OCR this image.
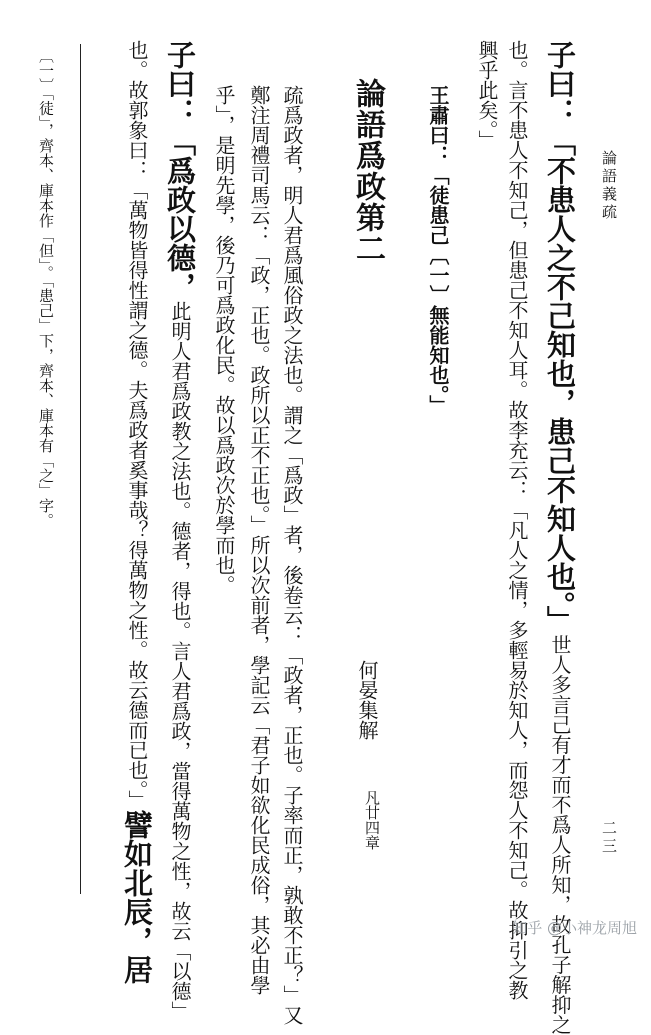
論語義疏
二三
子曰：「不患人之不己知也，患己不知人也。」世人多言己有才而不爲人所知，故孔子解抑之
也。言不患人不知己，但患己不知人耳。故李充云：「凡人之情，多輕易於知人，而怨人不知己。故抑引之教
興乎此矣。」
王肅曰：「徒患己〔一〕無能知也。」
論語爲政第二
何晏集解
凡廿四章
疏爲政者，明人君爲風俗政之法也。謂之「爲政」者，後卷云：「政者，正也。子率而正，孰敢不正？」又
鄭注周禮司馬云：「政，正也。政所以正不正也。」所以次前者，學記云「君子如欲化民成俗，其必由學
乎」，是明先學，後乃可爲政化民。故以爲政次於學而也。
子曰：「爲政以德，此明人君爲政教之法也。德者，得也。言人君爲政，當得萬物之性，故云「以德」
也。故郭象曰：「萬物皆得性謂之德。夫爲政者奚事哉？得萬物之性。故云德而已也。」譬如北辰，居
〔一〕「徒」，齊本、庫本作「但」。「患己」下，齊本、庫本有「之」字。
知乎 @小神龙周旭
